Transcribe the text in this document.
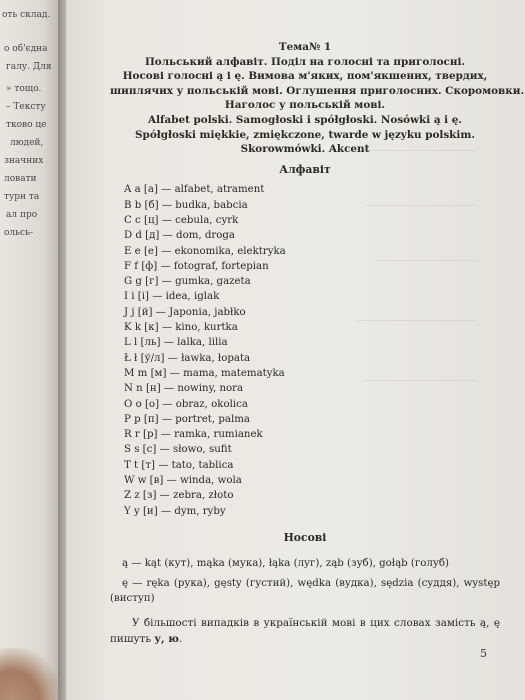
оть склад.
о об'єдна
галу. Для
» тощо.
– Тексту
тково це
людей,
значних
ловати
турн та
ал про
ольсь-
Тема№ 1
Польський алфавіт. Поділ на голосні та приголосні.
Носові голосні ą і ę. Вимова м'яких, пом'якшених, твердих,
шиплячих у польській мові. Оглушення приголосних. Скоромовки.
Наголос у польській мові.
Alfabet polski. Samogłoski i spółgłoski. Nosówki ą i ę.
Spółgłoski miękkie, zmiękczone, twarde w języku polskim.
Skorowmówki. Akcent
Алфавіт
A a [a] — alfabet, atrament
B b [б] — budka, babcia
C c [ц] — cebula, cyrk
D d [д] — dom, droga
E e [е] — ekonomika, elektryka
F f [ф] — fotograf, fortepian
G g [г] — gumka, gazeta
I i [і] — idea, iglak
J j [й] — Japonia, jabłko
K k [к] — kino, kurtka
L l [ль] — lalka, lilia
Ł ł [ў/л] — ławka, łopata
M m [м] — mama, matematyka
N n [н] — nowiny, nora
O o [о] — obraz, okolica
P p [п] — portret, palma
R r [р] — ramka, rumianek
S s [с] — słowo, sufit
T t [т] — tato, tablica
W w [в] — winda, wola
Z z [з] — zebra, złoto
Y y [и] — dym, ryby
Носові

ą — kąt (кут), mąka (мука), łąka (луг), ząb (зуб), gołąb (голуб)

ę — ręka (рука), gęsty (густий), wędka (вудка), sędzia (суддя), występ (виступ)

У більшості випадків в українській мові в цих словах замість ą, ę пишуть у, ю.

5
